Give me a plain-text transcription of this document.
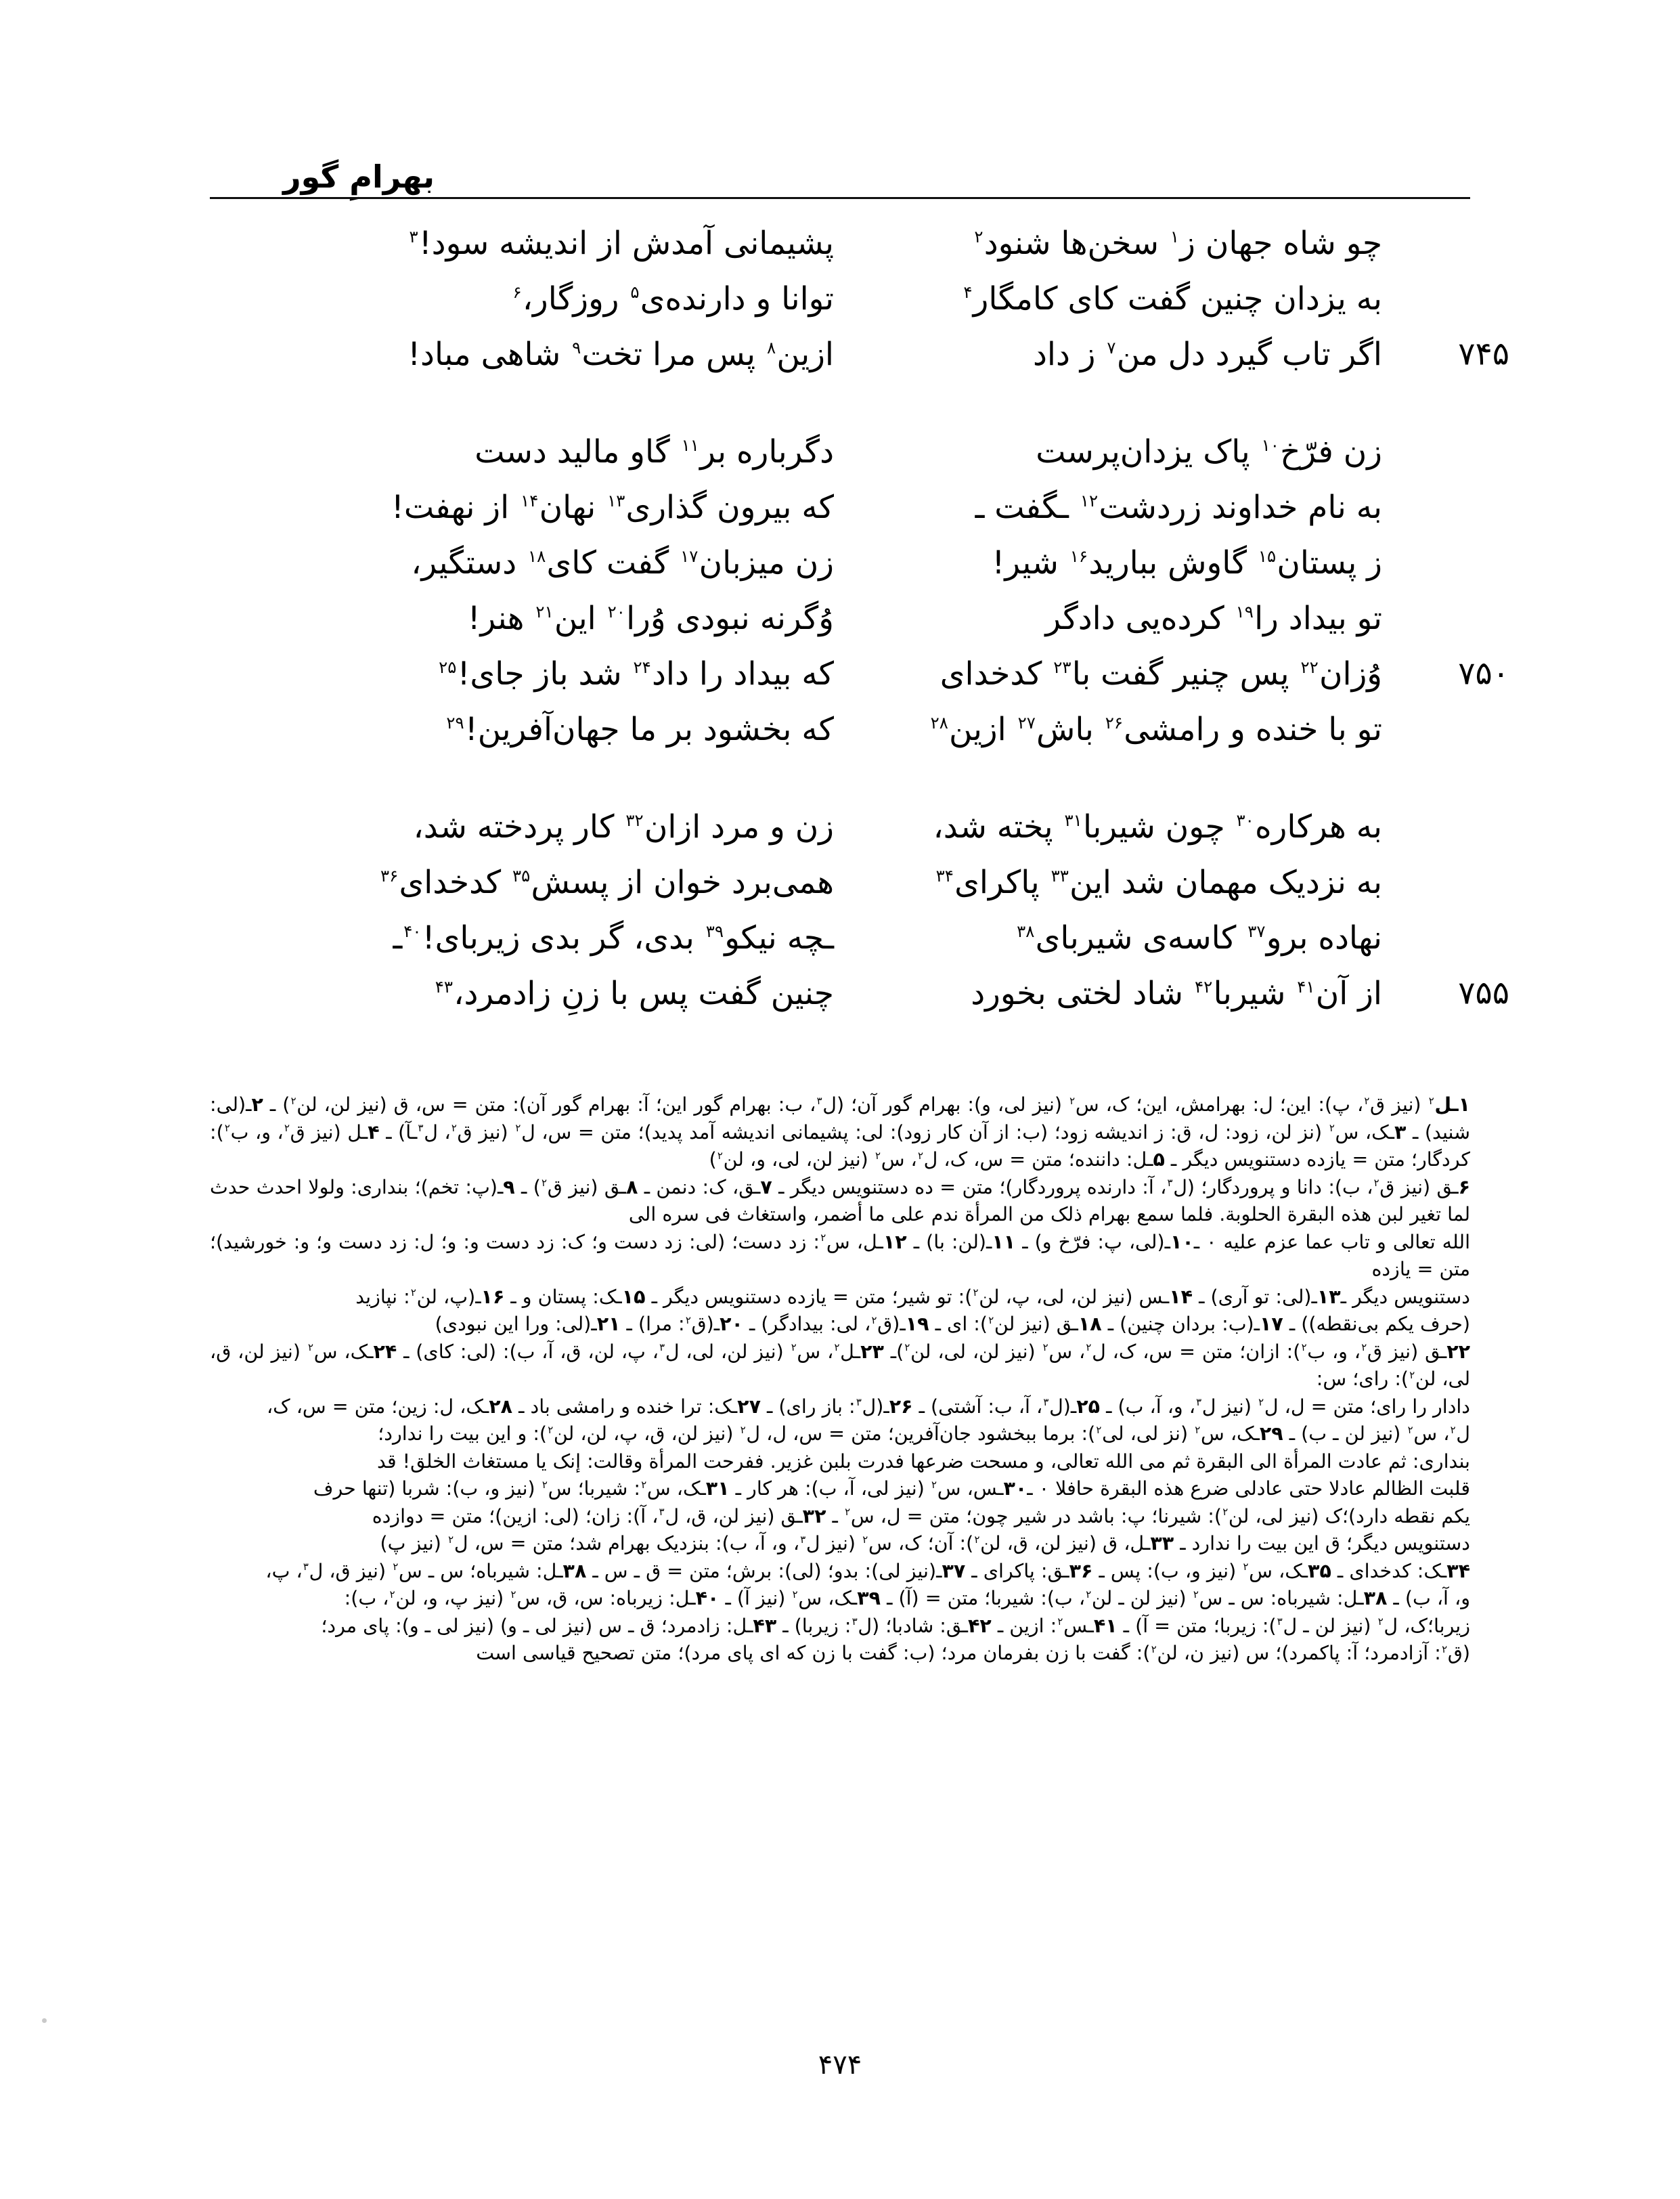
بهرامِ گور
چو شاه جهان ز$^۱$ سخن‌ها شنود$^۲$
پشیمانی آمدش از اندیشه سود!$^۳$
به یزدان چنین گفت کای کامگار$^۴$
توانا و دارنده‌ی$^۵$ روزگار،$^۶$
۷۴۵
اگر تاب گیرد دل من$^۷$ ز داد
ازین$^۸$ پس مرا تخت$^۹$ شاهی مباد!
زن فرّخ$^{۱۰}$ پاک یزدان‌پرست
دگرباره بر$^{۱۱}$ گاو مالید دست
به نام خداوند زردشت$^{۱۲}$ ـگفت ـ
که بیرون گذاری$^{۱۳}$ نهان$^{۱۴}$ از نهفت!
ز پستان$^{۱۵}$ گاوش ببارید$^{۱۶}$ شیر!
زن میزبان$^{۱۷}$ گفت کای$^{۱۸}$ دستگیر،
تو بیداد را$^{۱۹}$ کرده‌یی دادگر
وُگرنه نبودی وُرا$^{۲۰}$ این$^{۲۱}$ هنر!
۷۵۰
وُزان$^{۲۲}$ پس چنیر گفت با$^{۲۳}$ کدخدای
که بیداد را داد$^{۲۴}$ شد باز جای!$^{۲۵}$
تو با خنده و رامشی$^{۲۶}$ باش$^{۲۷}$ ازین$^{۲۸}$
که بخشود بر ما جهان‌آفرین!$^{۲۹}$
به هرکاره$^{۳۰}$ چون شیربا$^{۳۱}$ پخته شد،
زن و مرد ازان$^{۳۲}$ کار پردخته شد،
به نزدیک مهمان شد این$^{۳۳}$ پاکرای$^{۳۴}$
همی‌برد خوان از پسش$^{۳۵}$ کدخدای$^{۳۶}$
نهاده برو$^{۳۷}$ کاسه‌ی شیربای$^{۳۸}$
ـچه نیکو$^{۳۹}$ بدی، گر بدی زیربای!$^{۴۰}$ـ
۷۵۵
از آن$^{۴۱}$ شیربا$^{۴۲}$ شاد لختی بخورد
چنین گفت پس با زنِ زادمرد،$^{۴۳}$

۱ـل$^۲$ (نیز ق$^۲$، پ): این؛ ل: بهرامش، این؛ ک، س$^۲$ (نیز لی، و): بهرام گور آن؛ (ل$^۳$، ب: بهرام گور این؛ آ: بهرام گور آن): متن = س، ق (نیز لن، لن$^۲$) ـ ۲ـ(لی: شنید) ـ ۳ـک، س$^۲$ (نز لن، زود: ل، ق: ز اندیشه زود؛ (ب: از آن کار زود): لی: پشیمانی اندیشه آمد پدید)؛ متن = س، ل$^۲$ (نیز ق$^۲$، ل$^۳$ـآ) ـ ۴ـل (نیز ق$^۲$، و، ب$^۲$): کردگار؛ متن = یازده دستنویس دیگر ـ ۵ـل: داننده؛ متن = س، ک، ل$^۲$، س$^۲$ (نیز لن، لی، و، لن$^۲$)

۶ـق (نیز ق$^۲$، ب): دانا و پروردگار؛ (ل$^۳$، آ: دارنده پروردگار)؛ متن = ده دستنویس دیگر ـ ۷ـق، ک: دنمن ـ ۸ـق (نیز ق$^۲$) ـ ۹ـ(پ: تخم)؛ بنداری: ولولا احدث حدث لما تغیر لبن هذه البقرة الحلوبة. فلما سمع بهرام ذلک من المرأة ندم علی ما أضمر، واستغاث فی سره الی

الله تعالی و تاب عما عزم علیه ۰ ـ۱۰ـ(لی، پ: فرّخ و) ـ ۱۱ـ(لن: با) ـ ۱۲ـل، س$^۲$: زد دست؛ (لی: زد دست و؛ ک: زد دست و: و؛ ل: زد دست و؛ و: خورشید)؛ متن = یازده

دستنویس دیگر ـ۱۳ـ(لی: تو آری) ـ ۱۴ـس (نیز لن، لی، پ، لن$^۲$): تو شیر؛ متن = یازده دستنویس دیگر ـ ۱۵ـک: پستان و ـ ۱۶ـ(پ، لن$^۲$: نپازید

(حرف یکم بی‌نقطه)) ـ ۱۷ـ(ب: بردان چنین) ـ ۱۸ـق (نیز لن$^۲$): ای ـ ۱۹ـ(ق$^۲$، لی: بیدادگر) ـ ۲۰ـ(ق$^۲$: مرا) ـ ۲۱ـ(لی: ورا این نبودی)

۲۲ـق (نیز ق$^۲$، و، ب$^۲$): ازان؛ متن = س، ک، ل$^۲$، س$^۲$ (نیز لن، لی، لن$^۲$)ـ ۲۳ـل$^۲$، س$^۲$ (نیز لن، لی، ل$^۳$، پ، لن، ق، آ، ب): (لی: کای) ـ ۲۴ـک، س$^۲$ (نیز لن، ق، لی، لن$^۲$): رای؛ س:

دادار را رای؛ متن = ل، ل$^۲$ (نیز ل$^۳$، و، آ، ب) ـ ۲۵ـ(ل$^۳$، آ، ب: آشتی) ـ ۲۶ـ(ل$^۳$: باز رای) ـ ۲۷ـک: ترا خنده و رامشی باد ـ ۲۸ـک، ل: زین؛ متن = س، ک،

ل$^۲$، س$^۲$ (نیز لن ـ ب) ـ ۲۹ـک، س$^۲$ (نز لی، لی$^۲$): برما ببخشود جان‌آفرین؛ متن = س، ل، ل$^۲$ (نیز لن، ق، پ، لن، لن$^۲$): و این بیت را ندارد؛

بنداری: ثم عادت المرأة الی البقرة ثم می الله تعالی، و مسحت ضرعها فدرت بلبن غزیر. ففرحت المرأة وقالت: إنک یا مستغاث الخلق! قد

قلبت الظالم عادلا حتی عادلی ضرع هذه البقرة حافلا ۰ ـ۳۰ـس، س$^۲$ (نیز لی، آ، ب): هر کار ـ ۳۱ـک، س$^۲$: شیربا؛ س$^۲$ (نیز و، ب): شربا (تنها حرف

یکم نقطه دارد)؛ک (نیز لی، لن$^۲$): شیرنا؛ پ: باشد در شیر چون؛ متن = ل، س$^۲$ ـ ۳۲ـق (نیز لن، ق، ل$^۳$، آ): زان؛ (لی: ازین)؛ متن = دوازده

دستنویس دیگر؛ ق این بیت را ندارد ـ ۳۳ـل، ق (نیز لن، ق، لن$^۲$): آن؛ ک، س$^۲$ (نیز ل$^۳$، و، آ، ب): بنزدیک بهرام شد؛ متن = س، ل$^۲$ (نیز پ)

۳۴ـک: کدخدای ـ ۳۵ـک، س$^۲$ (نیز و، ب): پس ـ ۳۶ـق: پاکرای ـ ۳۷ـ(نیز لی): بدو؛ (لی): برش؛ متن = ق ـ س ـ ۳۸ـل: شیرباه؛ س ـ س$^۲$ (نیز ق، ل$^۳$، پ،

و، آ، ب) ـ ۳۸ـل: شیرباه: س ـ س$^۲$ (نیز لن ـ لن$^۲$، ب): شیربا؛ متن = (آ) ـ ۳۹ـک، س$^۲$ (نیز آ) ـ ۴۰ـل: زیرباه: س، ق، س$^۲$ (نیز پ، و، لن$^۲$، ب):

زیربا؛ک، ل$^۲$ (نیز لن ـ ل$^۳$): زیربا؛ متن = آ) ـ ۴۱ـس$^۲$: ازین ـ ۴۲ـق: شادبا؛ (ل$^۳$: زیربا) ـ ۴۳ـل: زادمرد؛ ق ـ س (نیز لی ـ و) (نیز لی ـ و): پای مرد؛

(ق$^۲$: آزادمرد؛ آ: پاکمرد)؛ س (نیز ن، لن$^۲$): گفت با زن بفرمان مرد؛ (ب: گفت با زن که ای پای مرد)؛ متن تصحیح قیاسی است

۴۷۴
